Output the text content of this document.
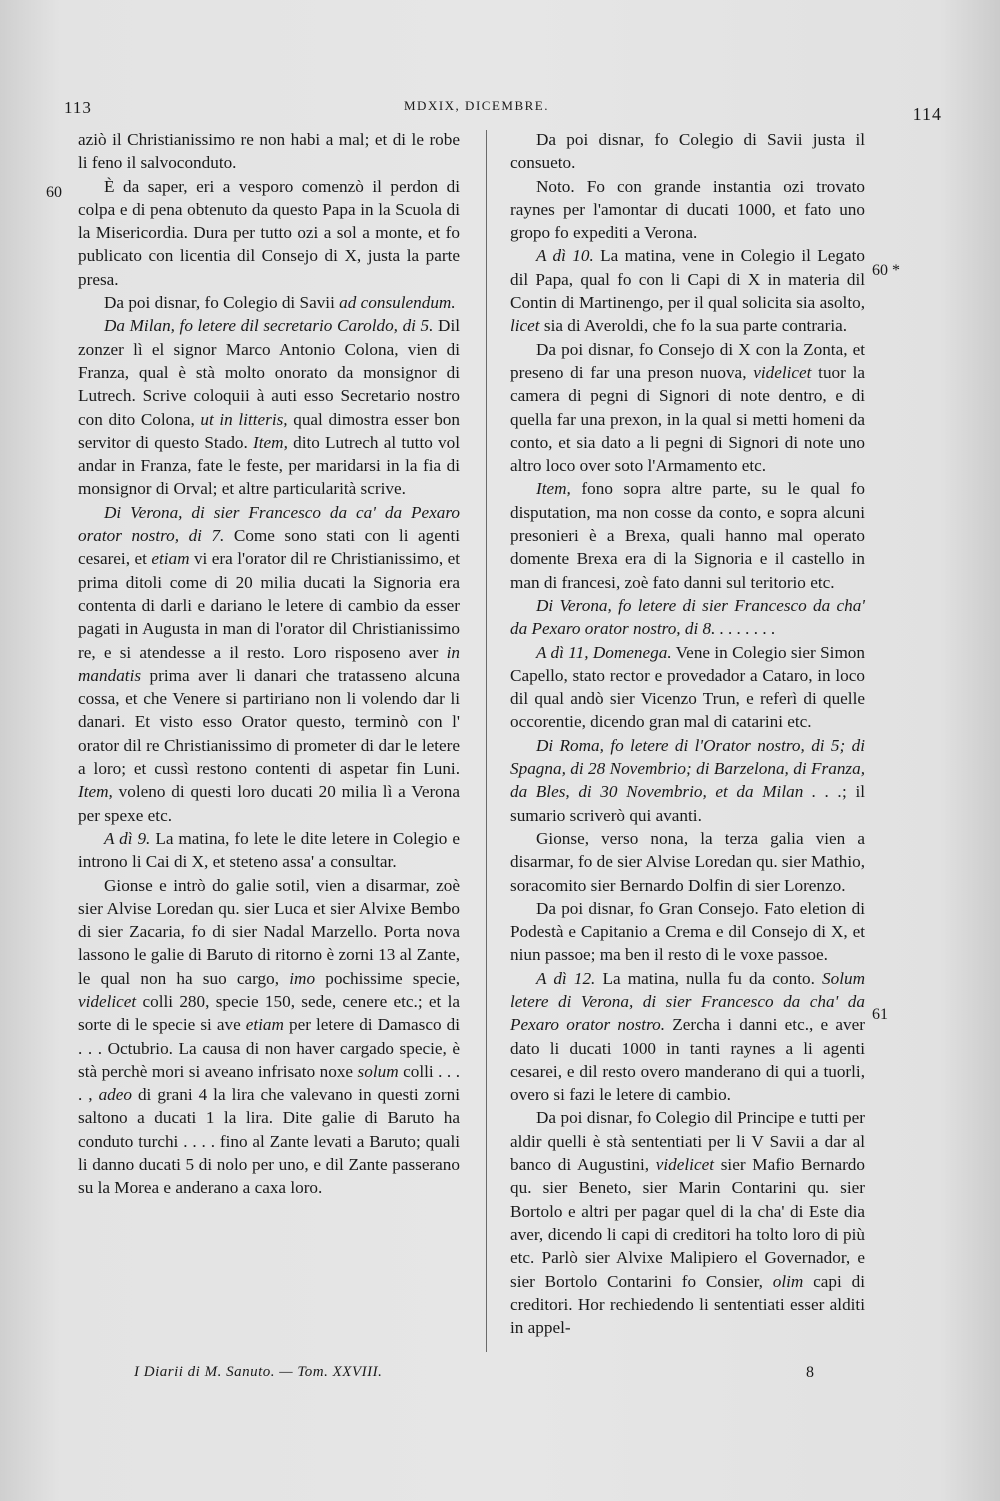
113	MDXIX, DICEMBRE.	114
60
60 *
61

aziò il Christianissimo re non habi a mal; et di le robe li feno il salvoconduto.

È da saper, eri a vesporo comenzò il perdon di colpa e di pena obtenuto da questo Papa in la Scuola di la Misericordia. Dura per tutto ozi a sol a monte, et fo publicato con licentia dil Consejo di X, justa la parte presa.

Da poi disnar, fo Colegio di Savii ad consulendum.

Da Milan, fo letere dil secretario Caroldo, di 5. Dil zonzer lì el signor Marco Antonio Colona, vien di Franza, qual è stà molto onorato da monsignor di Lutrech. Scrive coloquii à auti esso Secretario nostro con dito Colona, ut in litteris, qual dimostra esser bon servitor di questo Stado. Item, dito Lutrech al tutto vol andar in Franza, fate le feste, per maridarsi in la fia di monsignor di Orval; et altre particularità scrive.

Di Verona, di sier Francesco da ca' da Pexaro orator nostro, di 7. Come sono stati con li agenti cesarei, et etiam vi era l'orator dil re Christianissimo, et prima ditoli come di 20 milia ducati la Signoria era contenta di darli e dariano le letere di cambio da esser pagati in Augusta in man di l'orator dil Christianissimo re, e si atendesse a il resto. Loro risposeno aver in mandatis prima aver li danari che tratasseno alcuna cossa, et che Venere si partiriano non li volendo dar li danari. Et visto esso Orator questo, terminò con l' orator dil re Christianissimo di prometer di dar le letere a loro; et cussì restono contenti di aspetar fin Luni. Item, voleno di questi loro ducati 20 milia lì a Verona per spexe etc.

A dì 9. La matina, fo lete le dite letere in Colegio e introno li Cai di X, et steteno assa' a consultar.

Gionse e intrò do galie sotil, vien a disarmar, zoè sier Alvise Loredan qu. sier Luca et sier Alvixe Bembo di sier Zacaria, fo di sier Nadal Marzello. Porta nova lassono le galie di Baruto di ritorno è zorni 13 al Zante, le qual non ha suo cargo, imo pochissime specie, videlicet colli 280, specie 150, sede, cenere etc.; et la sorte di le specie si ave etiam per letere di Damasco di . . . Octubrio. La causa di non haver cargado specie, è stà perchè mori si aveano infrisato noxe solum colli . . . . , adeo di grani 4 la lira che valevano in questi zorni saltono a ducati 1 la lira. Dite galie di Baruto ha conduto turchi . . . . fino al Zante levati a Baruto; quali li danno ducati 5 di nolo per uno, e dil Zante passerano su la Morea e anderano a caxa loro.

Da poi disnar, fo Colegio di Savii justa il consueto.

Noto. Fo con grande instantia ozi trovato raynes per l'amontar di ducati 1000, et fato uno gropo fo expediti a Verona.

A dì 10. La matina, vene in Colegio il Legato dil Papa, qual fo con li Capi di X in materia dil Contin di Martinengo, per il qual solicita sia asolto, licet sia di Averoldi, che fo la sua parte contraria.

Da poi disnar, fo Consejo di X con la Zonta, et preseno di far una preson nuova, videlicet tuor la camera di pegni di Signori di note dentro, e di quella far una prexon, in la qual si metti homeni da conto, et sia dato a li pegni di Signori di note uno altro loco over soto l'Armamento etc.

Item, fono sopra altre parte, su le qual fo disputation, ma non cosse da conto, e sopra alcuni presonieri è a Brexa, quali hanno mal operato domente Brexa era di la Signoria e il castello in man di francesi, zoè fato danni sul teritorio etc.

Di Verona, fo letere di sier Francesco da cha' da Pexaro orator nostro, di 8. . . . . . . .

A dì 11, Domenega. Vene in Colegio sier Simon Capello, stato rector e provedador a Cataro, in loco dil qual andò sier Vicenzo Trun, e referì di quelle occorentie, dicendo gran mal di catarini etc.

Di Roma, fo letere di l'Orator nostro, di 5; di Spagna, di 28 Novembrio; di Barzelona, di Franza, da Bles, di 30 Novembrio, et da Milan . . .; il sumario scriverò qui avanti.

Gionse, verso nona, la terza galia vien a disarmar, fo de sier Alvise Loredan qu. sier Mathio, soracomito sier Bernardo Dolfin di sier Lorenzo.

Da poi disnar, fo Gran Consejo. Fato eletion di Podestà e Capitanio a Crema e dil Consejo di X, et niun passoe; ma ben il resto di le voxe passoe.

A dì 12. La matina, nulla fu da conto. Solum letere di Verona, di sier Francesco da cha' da Pexaro orator nostro. Zercha i danni etc., e aver dato li ducati 1000 in tanti raynes a li agenti cesarei, e dil resto overo manderano di qui a tuorli, overo si fazi le letere di cambio.

Da poi disnar, fo Colegio dil Principe e tutti per aldir quelli è stà sententiati per li V Savii a dar al banco di Augustini, videlicet sier Mafio Bernardo qu. sier Beneto, sier Marin Contarini qu. sier Bortolo e altri per pagar quel di la cha' di Este dia aver, dicendo li capi di creditori ha tolto loro di più etc. Parlò sier Alvixe Malipiero el Governador, e sier Bortolo Contarini fo Consier, olim capi di creditori. Hor rechiedendo li sententiati esser alditi in appel-

I Diarii di M. Sanuto. — Tom. XXVIII.	8
